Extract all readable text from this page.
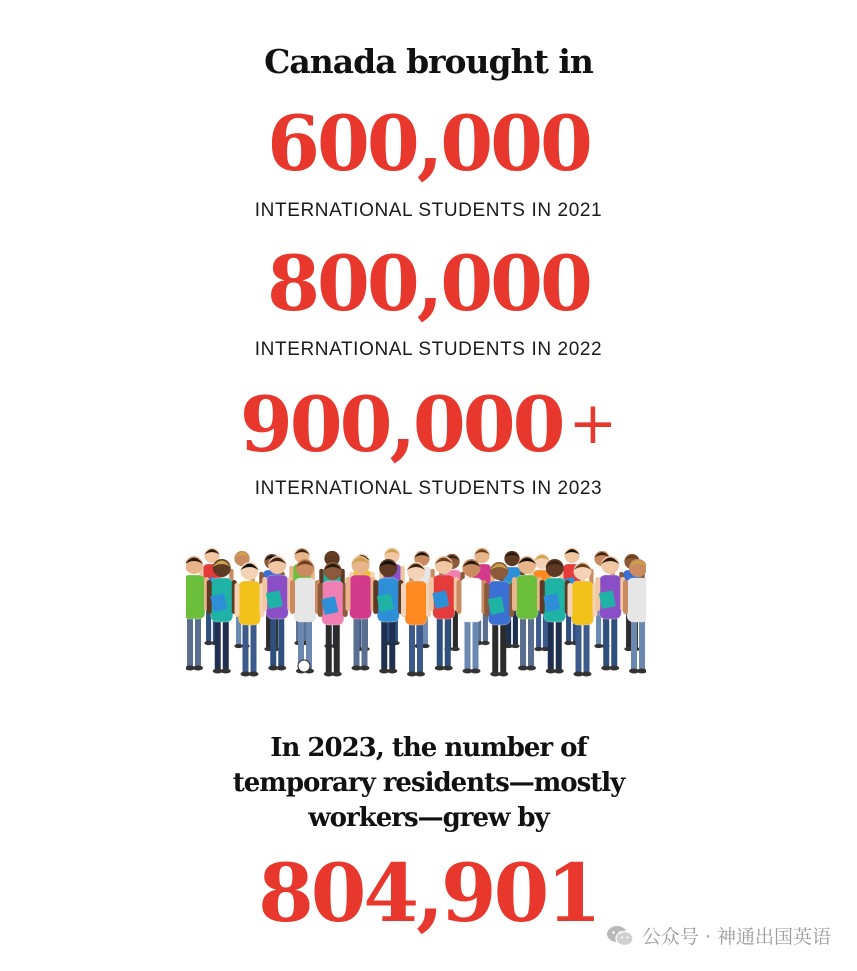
Canada brought in
600,000
INTERNATIONAL STUDENTS IN 2021
800,000
INTERNATIONAL STUDENTS IN 2022
900,000 +
INTERNATIONAL STUDENTS IN 2023
In 2023, the number of
temporary residents—mostly
workers—grew by
804,901	公众号 · 神通出国英语
